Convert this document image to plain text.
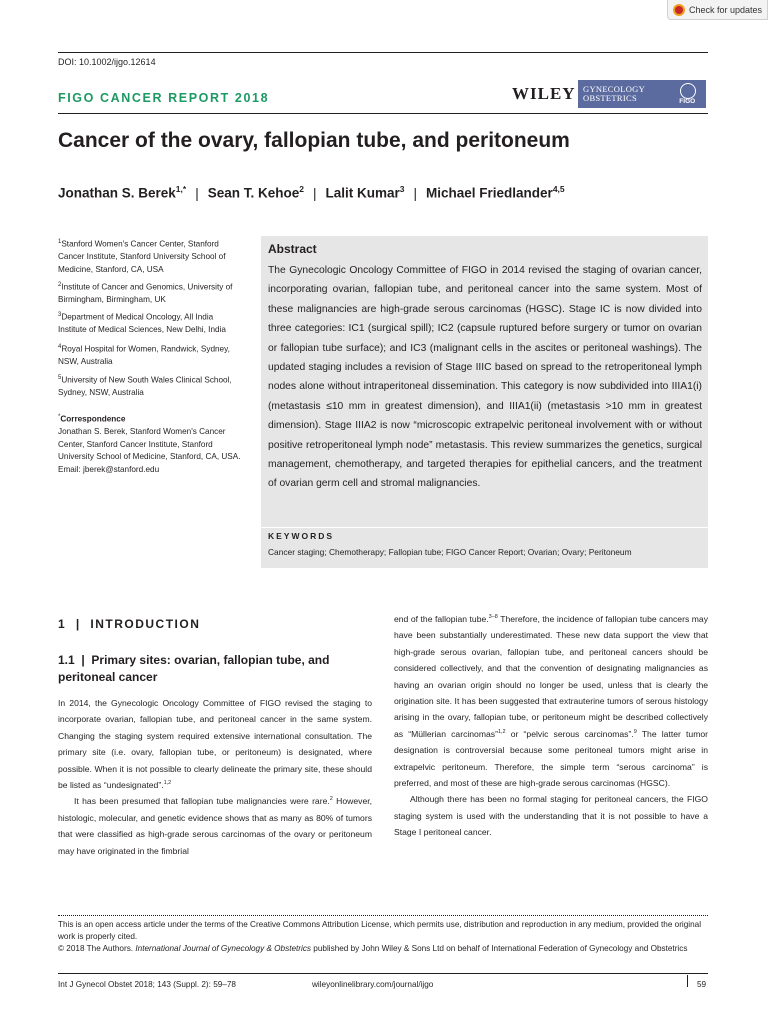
Check for updates
DOI: 10.1002/ijgo.12614
FIGO CANCER REPORT 2018	WILEY GYNECOLOGY
OBSTETRICS	FIGO
Cancer of the ovary, fallopian tube, and peritoneum
Jonathan S. Berek$^{1,*}$ | Sean T. Kehoe$^2$ | Lalit Kumar$^3$ | Michael Friedlander$^{4,5}$
$^1$Stanford Women's Cancer Center, Stanford Cancer Institute, Stanford University School of Medicine, Stanford, CA, USA
$^2$Institute of Cancer and Genomics, University of Birmingham, Birmingham, UK
$^3$Department of Medical Oncology, All India Institute of Medical Sciences, New Delhi, India
$^4$Royal Hospital for Women, Randwick, Sydney, NSW, Australia
$^5$University of New South Wales Clinical School, Sydney, NSW, Australia
*Correspondence
Jonathan S. Berek, Stanford Women's Cancer Center, Stanford Cancer Institute, Stanford University School of Medicine, Stanford, CA, USA.
Email: jberek@stanford.edu
Abstract
The Gynecologic Oncology Committee of FIGO in 2014 revised the staging of ovarian cancer, incorporating ovarian, fallopian tube, and peritoneal cancer into the same system. Most of these malignancies are high-grade serous carcinomas (HGSC). Stage IC is now divided into three categories: IC1 (surgical spill); IC2 (capsule ruptured before surgery or tumor on ovarian or fallopian tube surface); and IC3 (malignant cells in the ascites or peritoneal washings). The updated staging includes a revision of Stage IIIC based on spread to the retroperitoneal lymph nodes alone without intraperitoneal dissemination. This category is now subdivided into IIIA1(i) (metastasis ≤10 mm in greatest dimension), and IIIA1(ii) (metastasis >10 mm in greatest dimension). Stage IIIA2 is now “microscopic extrapelvic peritoneal involvement with or without positive retroperitoneal lymph node” metastasis. This review summarizes the genetics, surgical management, chemotherapy, and targeted therapies for epithelial cancers, and the treatment of ovarian germ cell and stromal malignancies.
KEYWORDS
Cancer staging; Chemotherapy; Fallopian tube; FIGO Cancer Report; Ovarian; Ovary; Peritoneum
1  |  INTRODUCTION
1.1  |  Primary sites: ovarian, fallopian tube, and peritoneal cancer

In 2014, the Gynecologic Oncology Committee of FIGO revised the staging to incorporate ovarian, fallopian tube, and peritoneal cancer in the same system. Changing the staging system required extensive international consultation. The primary site (i.e. ovary, fallopian tube, or peritoneum) is designated, where possible. When it is not possible to clearly delineate the primary site, these should be listed as “undesignated”.$^{1,2}$

It has been presumed that fallopian tube malignancies were rare.$^2$ However, histologic, molecular, and genetic evidence shows that as many as 80% of tumors that were classified as high-grade serous carcinomas of the ovary or peritoneum may have originated in the fimbrial

end of the fallopian tube.$^{3-8}$ Therefore, the incidence of fallopian tube cancers may have been substantially underestimated. These new data support the view that high-grade serous ovarian, fallopian tube, and peritoneal cancers should be considered collectively, and that the convention of designating malignancies as having an ovarian origin should no longer be used, unless that is clearly the origination site. It has been suggested that extrauterine tumors of serous histology arising in the ovary, fallopian tube, or peritoneum might be described collectively as “Müllerian carcinomas”$^{1,2}$ or “pelvic serous carcinomas”.$^9$ The latter tumor designation is controversial because some peritoneal tumors might arise in extrapelvic peritoneum. Therefore, the simple term “serous carcinoma” is preferred, and most of these are high-grade serous carcinomas (HGSC).

Although there has been no formal staging for peritoneal cancers, the FIGO staging system is used with the understanding that it is not possible to have a Stage I peritoneal cancer.

This is an open access article under the terms of the Creative Commons Attribution License, which permits use, distribution and reproduction in any medium, provided the original work is properly cited.
© 2018 The Authors. International Journal of Gynecology & Obstetrics published by John Wiley & Sons Ltd on behalf of International Federation of Gynecology and Obstetrics
Int J Gynecol Obstet 2018; 143 (Suppl. 2): 59–78	wileyonlinelibrary.com/journal/ijgo	59
